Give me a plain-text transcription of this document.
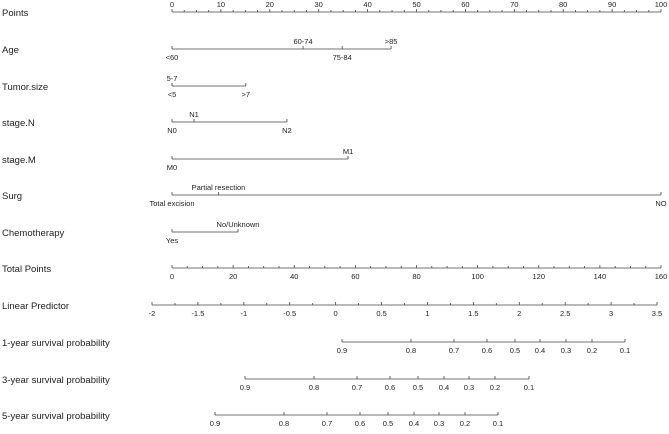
Points
0	10	20	30	40	50	60	70	80	90	100
Age
<60
60-74
75-84
>85
Tumor.size
5-7
<5	>7
stage.N
N0
N1
N2
stage.M
M0
M1
Surg
Total excision
Partial resection
NO
Chemotherapy
Yes
No/Unknown
Total Points
0	20	40	60	80	100	120	140	160
Linear Predictor
-2	-1.5	-1	-0.5	0	0.5	1	1.5	2	2.5	3	3.5
1-year survival probability
0.9	0.8	0.7	0.6 0.5 0.4 0.3 0.2	0.1
3-year survival probability
0.9	0.8	0.7	0.6 0.5 0.4 0.3 0.2	0.1
5-year survival probability
0.9	0.8	0.7	0.6 0.5 0.4 0.3 0.2	0.1
